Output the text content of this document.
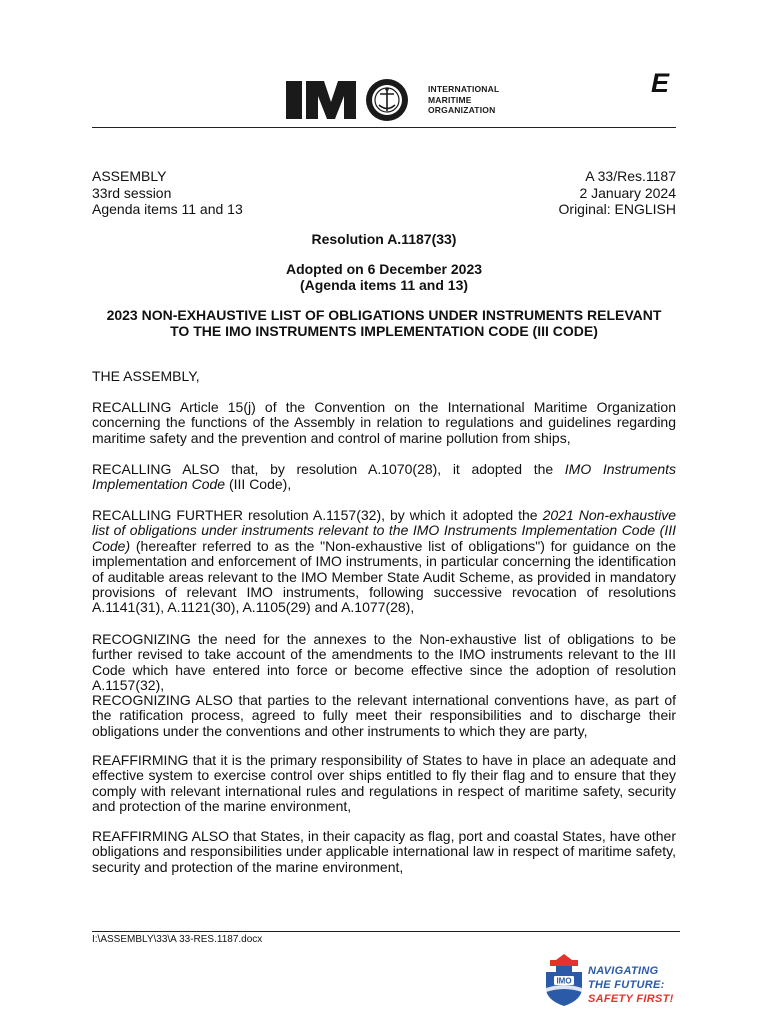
INTERNATIONAL
MARITIME
ORGANIZATION
E
ASSEMBLY
33rd session
Agenda items 11 and 13
A 33/Res.1187
2 January 2024
Original: ENGLISH
Resolution A.1187(33)
Adopted on 6 December 2023
(Agenda items 11 and 13)
2023 NON-EXHAUSTIVE LIST OF OBLIGATIONS UNDER INSTRUMENTS RELEVANT
TO THE IMO INSTRUMENTS IMPLEMENTATION CODE (III CODE)

THE ASSEMBLY,

RECALLING Article 15(j) of the Convention on the International Maritime Organization concerning the functions of the Assembly in relation to regulations and guidelines regarding maritime safety and the prevention and control of marine pollution from ships,

RECALLING ALSO that, by resolution A.1070(28), it adopted the IMO Instruments Implementation Code (III Code),

RECALLING FURTHER resolution A.1157(32), by which it adopted the 2021 Non-exhaustive list of obligations under instruments relevant to the IMO Instruments Implementation Code (III Code) (hereafter referred to as the "Non-exhaustive list of obligations") for guidance on the implementation and enforcement of IMO instruments, in particular concerning the identification of auditable areas relevant to the IMO Member State Audit Scheme, as provided in mandatory provisions of relevant IMO instruments, following successive revocation of resolutions A.1141(31), A.1121(30), A.1105(29) and A.1077(28),

RECOGNIZING the need for the annexes to the Non-exhaustive list of obligations to be further revised to take account of the amendments to the IMO instruments relevant to the III Code which have entered into force or become effective since the adoption of resolution A.1157(32),

RECOGNIZING ALSO that parties to the relevant international conventions have, as part of the ratification process, agreed to fully meet their responsibilities and to discharge their obligations under the conventions and other instruments to which they are party,

REAFFIRMING that it is the primary responsibility of States to have in place an adequate and effective system to exercise control over ships entitled to fly their flag and to ensure that they comply with relevant international rules and regulations in respect of maritime safety, security and protection of the marine environment,

REAFFIRMING ALSO that States, in their capacity as flag, port and coastal States, have other obligations and responsibilities under applicable international law in respect of maritime safety, security and protection of the marine environment,

I:\ASSEMBLY\33\A 33-RES.1187.docx
IMO
NAVIGATING
THE FUTURE:
SAFETY FIRST!
